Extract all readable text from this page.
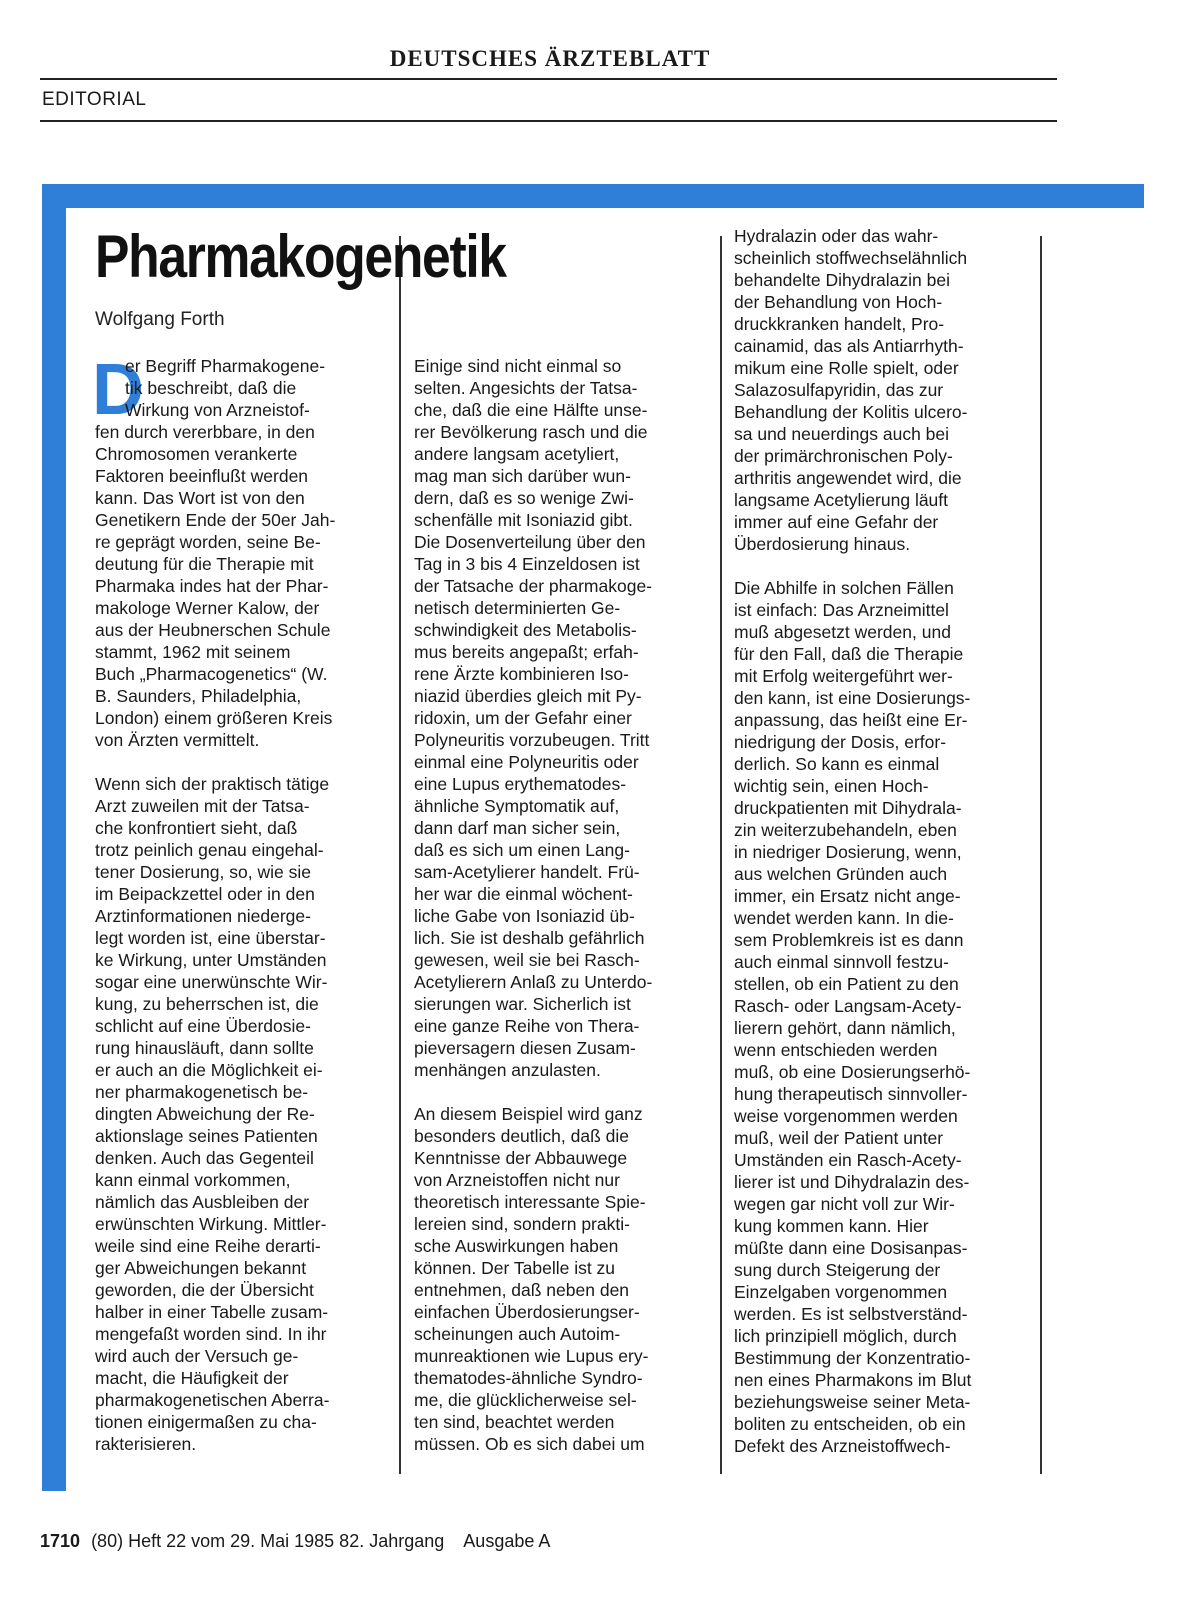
DEUTSCHES ÄRZTEBLATT
EDITORIAL
Pharmakogenetik
Wolfgang Forth
D
er Begriff Pharmakogene-
tik beschreibt, daß die
Wirkung von Arzneistof-
fen durch vererbbare, in den
Chromosomen verankerte
Faktoren beeinflußt werden
kann. Das Wort ist von den
Genetikern Ende der 50er Jah-
re geprägt worden, seine Be-
deutung für die Therapie mit
Pharmaka indes hat der Phar-
makologe Werner Kalow, der
aus der Heubnerschen Schule
stammt, 1962 mit seinem
Buch „Pharmacogenetics“ (W.
B. Saunders, Philadelphia,
London) einem größeren Kreis
von Ärzten vermittelt.
Wenn sich der praktisch tätige
Arzt zuweilen mit der Tatsa-
che konfrontiert sieht, daß
trotz peinlich genau eingehal-
tener Dosierung, so, wie sie
im Beipackzettel oder in den
Arztinformationen niederge-
legt worden ist, eine überstar-
ke Wirkung, unter Umständen
sogar eine unerwünschte Wir-
kung, zu beherrschen ist, die
schlicht auf eine Überdosie-
rung hinausläuft, dann sollte
er auch an die Möglichkeit ei-
ner pharmakogenetisch be-
dingten Abweichung der Re-
aktionslage seines Patienten
denken. Auch das Gegenteil
kann einmal vorkommen,
nämlich das Ausbleiben der
erwünschten Wirkung. Mittler-
weile sind eine Reihe derarti-
ger Abweichungen bekannt
geworden, die der Übersicht
halber in einer Tabelle zusam-
mengefaßt worden sind. In ihr
wird auch der Versuch ge-
macht, die Häufigkeit der
pharmakogenetischen Aberra-
tionen einigermaßen zu cha-
rakterisieren.
Einige sind nicht einmal so
selten. Angesichts der Tatsa-
che, daß die eine Hälfte unse-
rer Bevölkerung rasch und die
andere langsam acetyliert,
mag man sich darüber wun-
dern, daß es so wenige Zwi-
schenfälle mit Isoniazid gibt.
Die Dosenverteilung über den
Tag in 3 bis 4 Einzeldosen ist
der Tatsache der pharmakoge-
netisch determinierten Ge-
schwindigkeit des Metabolis-
mus bereits angepaßt; erfah-
rene Ärzte kombinieren Iso-
niazid überdies gleich mit Py-
ridoxin, um der Gefahr einer
Polyneuritis vorzubeugen. Tritt
einmal eine Polyneuritis oder
eine Lupus erythematodes-
ähnliche Symptomatik auf,
dann darf man sicher sein,
daß es sich um einen Lang-
sam-Acetylierer handelt. Frü-
her war die einmal wöchent-
liche Gabe von Isoniazid üb-
lich. Sie ist deshalb gefährlich
gewesen, weil sie bei Rasch-
Acetylierern Anlaß zu Unterdo-
sierungen war. Sicherlich ist
eine ganze Reihe von Thera-
pieversagern diesen Zusam-
menhängen anzulasten.
An diesem Beispiel wird ganz
besonders deutlich, daß die
Kenntnisse der Abbauwege
von Arzneistoffen nicht nur
theoretisch interessante Spie-
lereien sind, sondern prakti-
sche Auswirkungen haben
können. Der Tabelle ist zu
entnehmen, daß neben den
einfachen Überdosierungser-
scheinungen auch Autoim-
munreaktionen wie Lupus ery-
thematodes-ähnliche Syndro-
me, die glücklicherweise sel-
ten sind, beachtet werden
müssen. Ob es sich dabei um
Hydralazin oder das wahr-
scheinlich stoffwechselähnlich
behandelte Dihydralazin bei
der Behandlung von Hoch-
druckkranken handelt, Pro-
cainamid, das als Antiarrhyth-
mikum eine Rolle spielt, oder
Salazosulfapyridin, das zur
Behandlung der Kolitis ulcero-
sa und neuerdings auch bei
der primärchronischen Poly-
arthritis angewendet wird, die
langsame Acetylierung läuft
immer auf eine Gefahr der
Überdosierung hinaus.
Die Abhilfe in solchen Fällen
ist einfach: Das Arzneimittel
muß abgesetzt werden, und
für den Fall, daß die Therapie
mit Erfolg weitergeführt wer-
den kann, ist eine Dosierungs-
anpassung, das heißt eine Er-
niedrigung der Dosis, erfor-
derlich. So kann es einmal
wichtig sein, einen Hoch-
druckpatienten mit Dihydrala-
zin weiterzubehandeln, eben
in niedriger Dosierung, wenn,
aus welchen Gründen auch
immer, ein Ersatz nicht ange-
wendet werden kann. In die-
sem Problemkreis ist es dann
auch einmal sinnvoll festzu-
stellen, ob ein Patient zu den
Rasch- oder Langsam-Acety-
lierern gehört, dann nämlich,
wenn entschieden werden
muß, ob eine Dosierungserhö-
hung therapeutisch sinnvoller-
weise vorgenommen werden
muß, weil der Patient unter
Umständen ein Rasch-Acety-
lierer ist und Dihydralazin des-
wegen gar nicht voll zur Wir-
kung kommen kann. Hier
müßte dann eine Dosisanpas-
sung durch Steigerung der
Einzelgaben vorgenommen
werden. Es ist selbstverständ-
lich prinzipiell möglich, durch
Bestimmung der Konzentratio-
nen eines Pharmakons im Blut
beziehungsweise seiner Meta-
boliten zu entscheiden, ob ein
Defekt des Arzneistoffwech-
1710 (80) Heft 22 vom 29. Mai 1985 82. Jahrgang Ausgabe A
